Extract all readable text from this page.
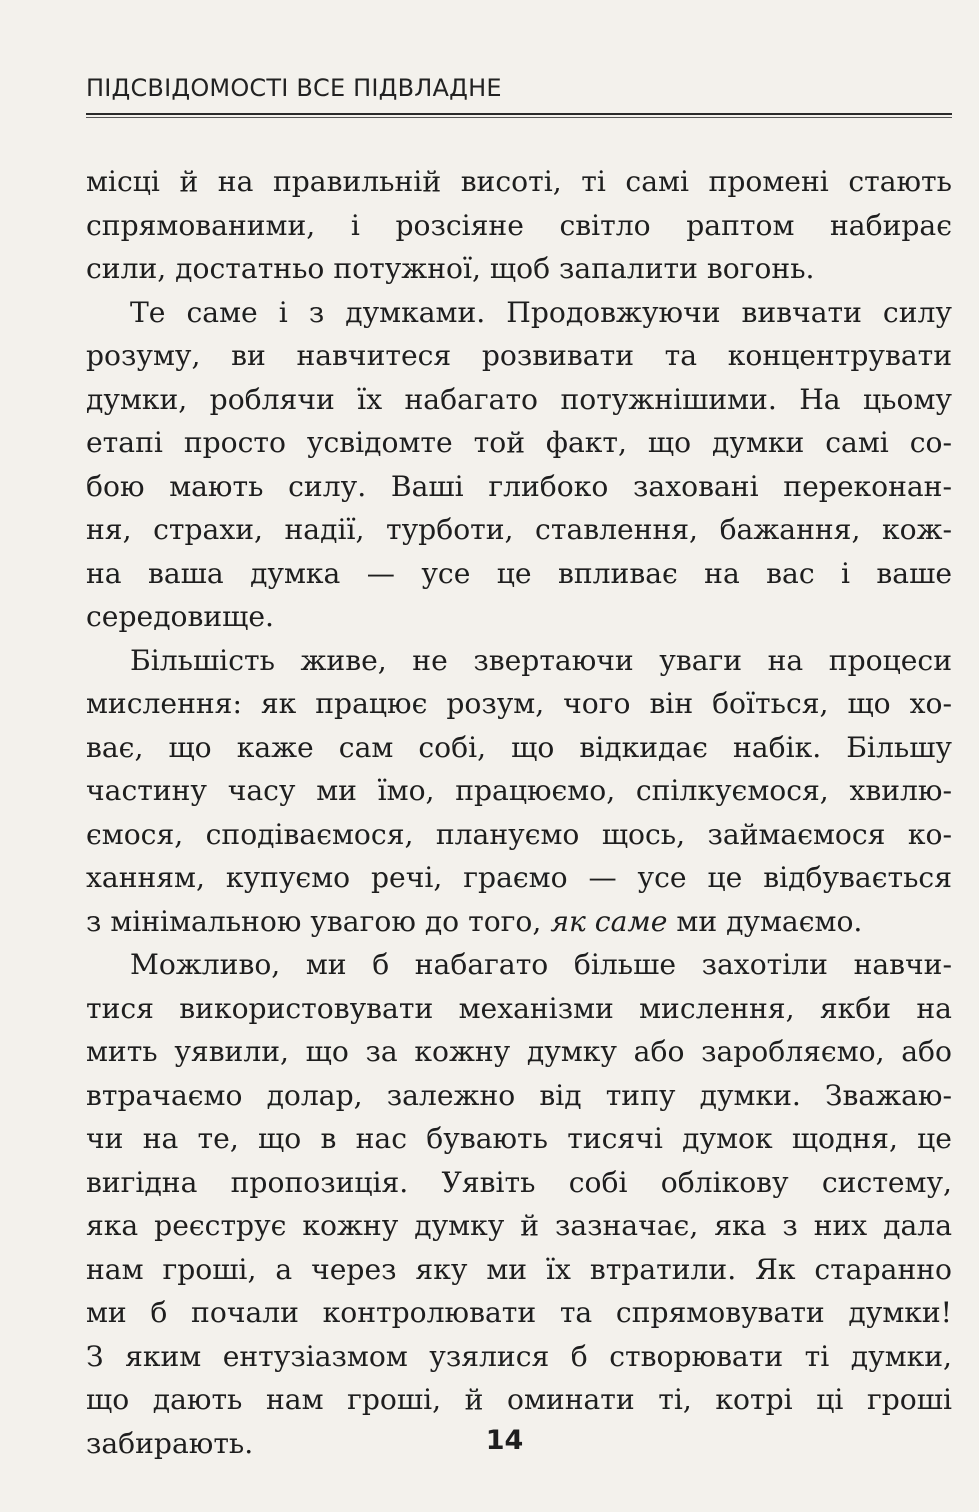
ПІДСВІДОМОСТІ ВСЕ ПІДВЛАДНЕ
місці й на правильній висоті, ті самі промені стають
спрямованими, і розсіяне світло раптом набирає
сили, достатньо потужної, щоб запалити вогонь.
Те саме і з думками. Продовжуючи вивчати силу
розуму, ви навчитеся розвивати та концентрувати
думки, роблячи їх набагато потужнішими. На цьому
етапі просто усвідомте той факт, що думки самі со-
бою мають силу. Ваші глибоко заховані переконан-
ня, страхи, надії, турботи, ставлення, бажання, кож-
на ваша думка — усе це впливає на вас і ваше
середовище.
Більшість живе, не звертаючи уваги на процеси
мислення: як працює розум, чого він боїться, що хо-
ває, що каже сам собі, що відкидає набік. Більшу
частину часу ми їмо, працюємо, спілкуємося, хвилю-
ємося, сподіваємося, плануємо щось, займаємося ко-
ханням, купуємо речі, граємо — усе це відбувається
з мінімальною увагою до того, як саме ми думаємо.
Можливо, ми б набагато більше захотіли навчи-
тися використовувати механізми мислення, якби на
мить уявили, що за кожну думку або заробляємо, або
втрачаємо долар, залежно від типу думки. Зважаю-
чи на те, що в нас бувають тисячі думок щодня, це
вигідна пропозиція. Уявіть собі облікову систему,
яка реєструє кожну думку й зазначає, яка з них дала
нам гроші, а через яку ми їх втратили. Як старанно
ми б почали контролювати та спрямовувати думки!
З яким ентузіазмом узялися б створювати ті думки,
що дають нам гроші, й оминати ті, котрі ці гроші
забирають.	14
